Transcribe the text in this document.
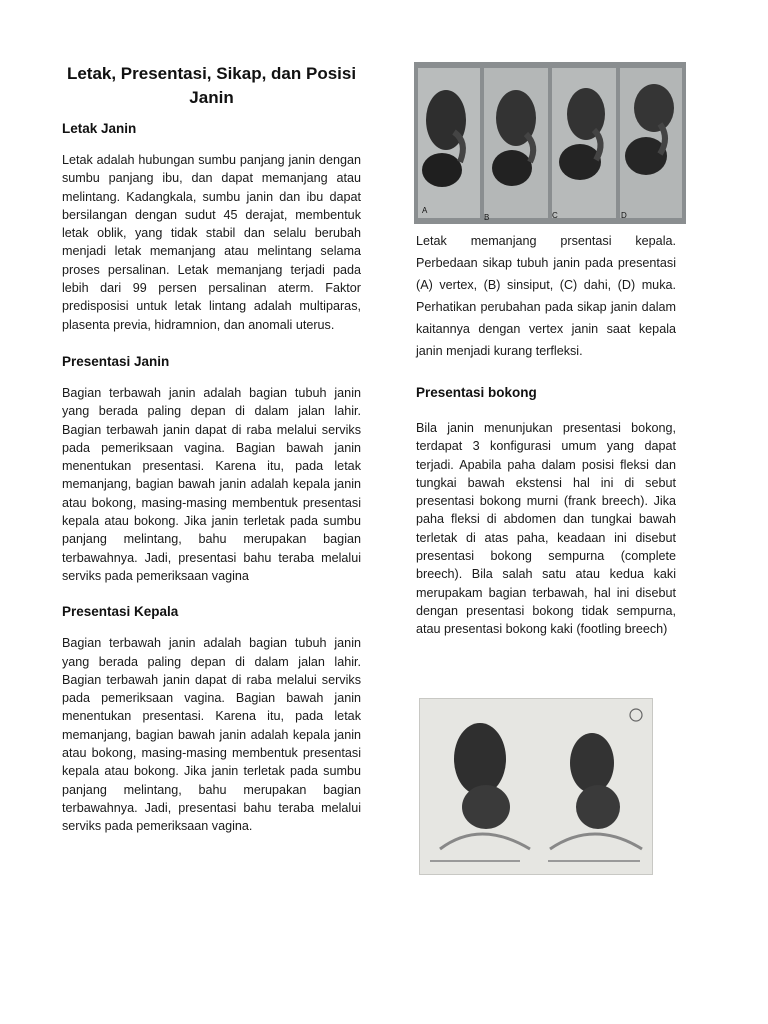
Letak, Presentasi, Sikap, dan Posisi Janin
Letak Janin

Letak adalah hubungan sumbu panjang janin dengan sumbu panjang ibu, dan dapat memanjang atau melintang. Kadangkala, sumbu janin dan ibu dapat bersilangan dengan sudut 45 derajat, membentuk letak oblik, yang tidak stabil dan selalu berubah menjadi letak memanjang atau melintang selama proses persalinan. Letak memanjang terjadi pada lebih dari 99 persen persalinan aterm. Faktor predisposisi untuk letak lintang adalah multiparas, plasenta previa, hidramnion, dan anomali uterus.

Presentasi Janin

Bagian terbawah janin adalah bagian tubuh janin yang berada paling depan di dalam jalan lahir. Bagian terbawah janin dapat di raba melalui serviks pada pemeriksaan vagina. Bagian bawah janin menentukan presentasi. Karena itu, pada letak memanjang, bagian bawah janin adalah kepala janin atau bokong, masing-masing membentuk presentasi kepala atau bokong. Jika janin terletak pada sumbu panjang melintang, bahu merupakan bagian terbawahnya. Jadi, presentasi bahu teraba melalui serviks pada pemeriksaan vagina

Presentasi Kepala

Bagian terbawah janin adalah bagian tubuh janin yang berada paling depan di dalam jalan lahir. Bagian terbawah janin dapat di raba melalui serviks pada pemeriksaan vagina. Bagian bawah janin menentukan presentasi. Karena itu, pada letak memanjang, bagian bawah janin adalah kepala janin atau bokong, masing-masing membentuk presentasi kepala atau bokong. Jika janin terletak pada sumbu panjang melintang, bahu merupakan bagian terbawahnya. Jadi, presentasi bahu teraba melalui serviks pada pemeriksaan vagina.

A
B	C	D

Letak memanjang prsentasi kepala. Perbedaan sikap tubuh janin pada presentasi (A) vertex, (B) sinsiput, (C) dahi, (D) muka. Perhatikan perubahan pada sikap janin dalam kaitannya dengan vertex janin saat kepala janin menjadi kurang terfleksi.

Presentasi bokong

Bila janin menunjukan presentasi bokong, terdapat 3 konfigurasi umum yang dapat terjadi. Apabila paha dalam posisi fleksi dan tungkai bawah ekstensi hal ini di sebut presentasi bokong murni (frank breech). Jika paha fleksi di abdomen dan tungkai bawah terletak di atas paha, keadaan ini disebut presentasi bokong sempurna (complete breech). Bila salah satu atau kedua kaki merupakam bagian terbawah, hal ini disebut dengan presentasi bokong tidak sempurna, atau presentasi bokong kaki (footling breech)
